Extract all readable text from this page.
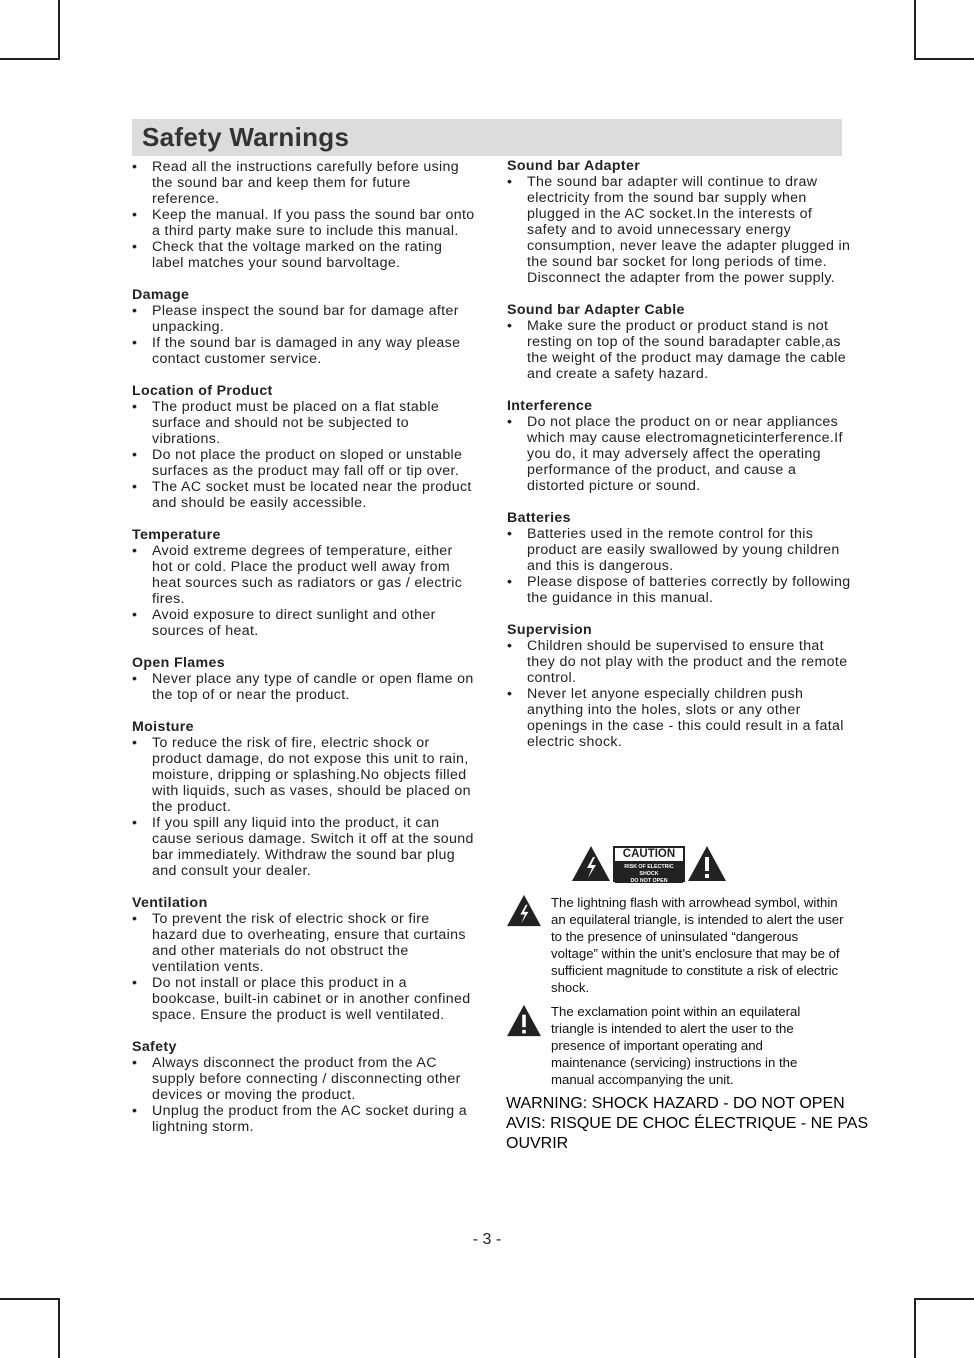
Safety Warnings
• Read all the instructions carefully before using the sound bar and keep them for future reference.
• Keep the manual. If you pass the sound bar onto a third party make sure to include this manual.
• Check that the voltage marked on the rating label matches your sound barvoltage.
Damage
• Please inspect the sound bar for damage after unpacking.
• If the sound bar is damaged in any way please contact customer service.
Location of Product
• The product must be placed on a flat stable surface and should not be subjected to vibrations.
• Do not place the product on sloped or unstable surfaces as the product may fall off or tip over.
• The AC socket must be located near the product and should be easily accessible.
Temperature
• Avoid extreme degrees of temperature, either hot or cold. Place the product well away from heat sources such as radiators or gas / electric fires.
• Avoid exposure to direct sunlight and other sources of heat.
Open Flames
• Never place any type of candle or open flame on the top of or near the product.
Moisture
• To reduce the risk of fire, electric shock or product damage, do not expose this unit to rain, moisture, dripping or splashing.No objects filled with liquids, such as vases, should be placed on the product.
• If you spill any liquid into the product, it can cause serious damage. Switch it off at the sound bar immediately. Withdraw the sound bar plug and consult your dealer.
Ventilation
• To prevent the risk of electric shock or fire hazard due to overheating, ensure that curtains and other materials do not obstruct the ventilation vents.
• Do not install or place this product in a bookcase, built-in cabinet or in another confined space. Ensure the product is well ventilated.
Safety
• Always disconnect the product from the AC supply before connecting / disconnecting other devices or moving the product.
• Unplug the product from the AC socket during a lightning storm.
Sound bar Adapter
• The sound bar adapter will continue to draw electricity from the sound bar supply when plugged in the AC socket.In the interests of safety and to avoid unnecessary energy consumption, never leave the adapter plugged in the sound bar socket for long periods of time. Disconnect the adapter from the power supply.
Sound bar Adapter Cable
• Make sure the product or product stand is not resting on top of the sound baradapter cable,as the weight of the product may damage the cable and create a safety hazard.
Interference
• Do not place the product on or near appliances which may cause electromagneticinterference.If you do, it may adversely affect the operating performance of the product, and cause a distorted picture or sound.
Batteries
• Batteries used in the remote control for this product are easily swallowed by young children and this is dangerous.
• Please dispose of batteries correctly by following the guidance in this manual.
Supervision
• Children should be supervised to ensure that they do not play with the product and the remote control.
• Never let anyone especially children push anything into the holes, slots or any other openings in the case - this could result in a fatal electric shock.
CAUTION
RISK OF ELECTRIC SHOCK
DO NOT OPEN
The lightning flash with arrowhead symbol, within an equilateral triangle, is intended to alert the user to the presence of uninsulated “dangerous voltage” within the unit’s enclosure that may be of sufficient magnitude to constitute a risk of electric shock.
The exclamation point within an equilateral triangle is intended to alert the user to the presence of important operating and maintenance (servicing) instructions in the manual accompanying the unit.
WARNING: SHOCK HAZARD - DO NOT OPEN
AVIS: RISQUE DE CHOC ÉLECTRIQUE - NE PAS OUVRIR
- 3 -
